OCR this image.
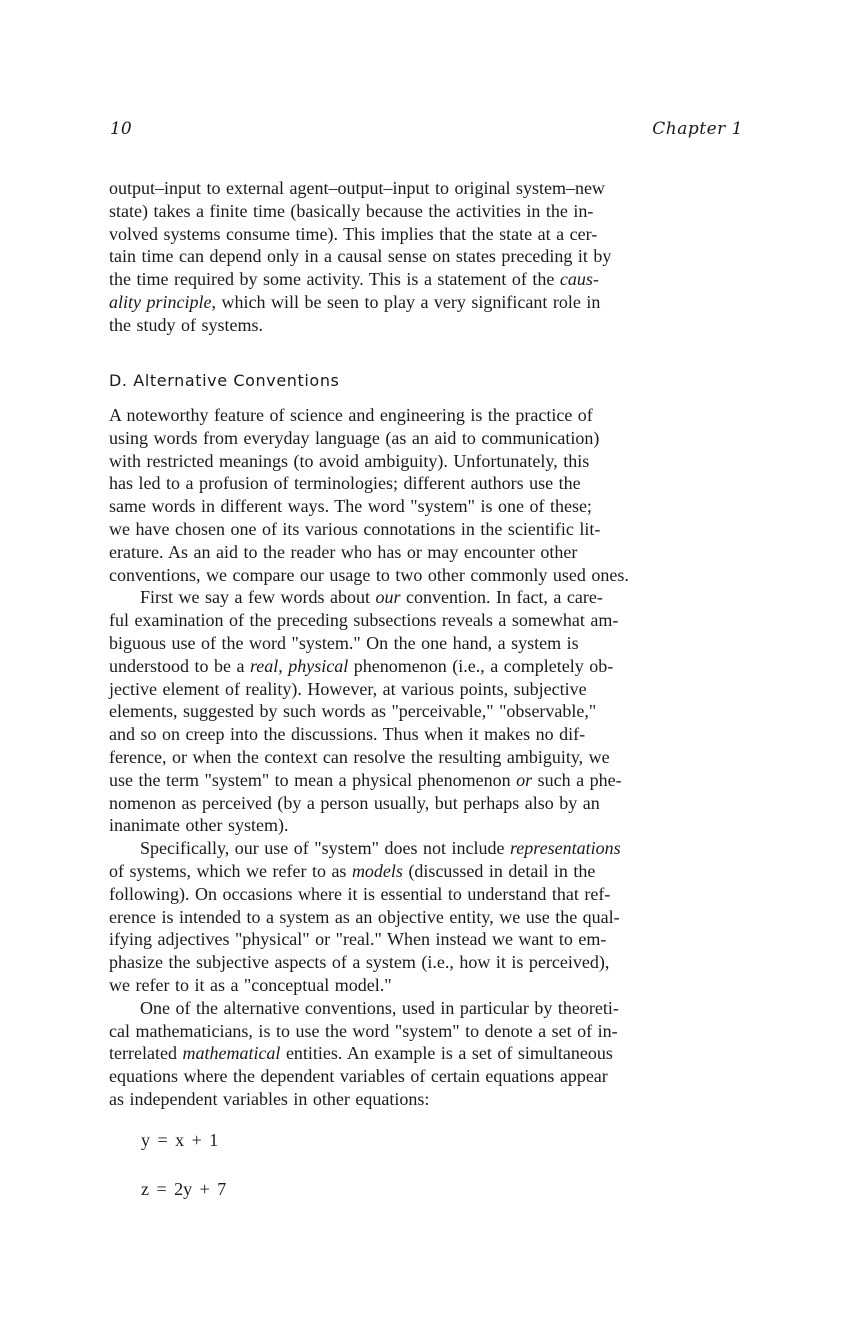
10	Chapter 1

output–input to external agent–output–input to original system–new
state) takes a finite time (basically because the activities in the in-
volved systems consume time). This implies that the state at a cer-
tain time can depend only in a causal sense on states preceding it by
the time required by some activity. This is a statement of the caus-
ality principle, which will be seen to play a very significant role in
the study of systems.

D. Alternative Conventions
A noteworthy feature of science and engineering is the practice of
using words from everyday language (as an aid to communication)
with restricted meanings (to avoid ambiguity). Unfortunately, this
has led to a profusion of terminologies; different authors use the
same words in different ways. The word "system" is one of these;
we have chosen one of its various connotations in the scientific lit-
erature. As an aid to the reader who has or may encounter other
conventions, we compare our usage to two other commonly used ones.
First we say a few words about our convention. In fact, a care-
ful examination of the preceding subsections reveals a somewhat am-
biguous use of the word "system." On the one hand, a system is
understood to be a real, physical phenomenon (i.e., a completely ob-
jective element of reality). However, at various points, subjective
elements, suggested by such words as "perceivable," "observable,"
and so on creep into the discussions. Thus when it makes no dif-
ference, or when the context can resolve the resulting ambiguity, we
use the term "system" to mean a physical phenomenon or such a phe-
nomenon as perceived (by a person usually, but perhaps also by an
inanimate other system).
Specifically, our use of "system" does not include representations
of systems, which we refer to as models (discussed in detail in the
following). On occasions where it is essential to understand that ref-
erence is intended to a system as an objective entity, we use the qual-
ifying adjectives "physical" or "real." When instead we want to em-
phasize the subjective aspects of a system (i.e., how it is perceived),
we refer to it as a "conceptual model."
One of the alternative conventions, used in particular by theoreti-
cal mathematicians, is to use the word "system" to denote a set of in-
terrelated mathematical entities. An example is a set of simultaneous
equations where the dependent variables of certain equations appear
as independent variables in other equations:

y = x + 1

z = 2y + 7
